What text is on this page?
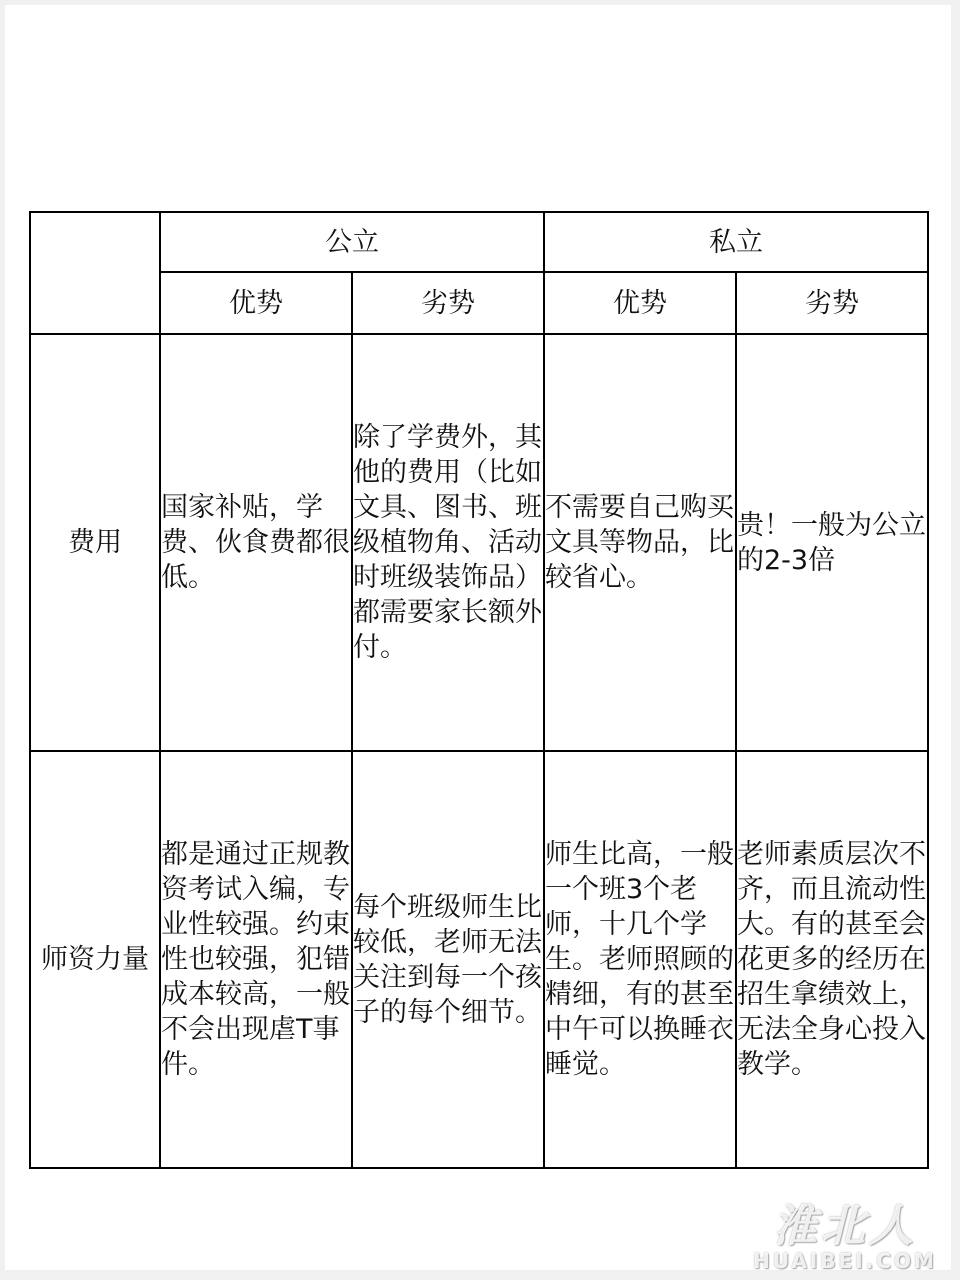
	公立		私立	
	优势	劣势	优势	劣势
费用	国家补贴，学费、伙食费都很低。	除了学费外，其他的费用（比如文具、图书、班级植物角、活动时班级装饰品）都需要家长额外付。	不需要自己购买文具等物品，比较省心。	贵！一般为公立的2-3倍
师资力量	都是通过正规教资考试入编，专业性较强。约束性也较强，犯错成本较高，一般不会出现虐T事件。	每个班级师生比较低，老师无法关注到每一个孩子的每个细节。	师生比高，一般一个班3个老师，十几个学生。老师照顾的精细，有的甚至中午可以换睡衣睡觉。	老师素质层次不齐，而且流动性大。有的甚至会花更多的经历在招生拿绩效上，无法全身心投入教学。
淮北人
HUAIBEI.COM
